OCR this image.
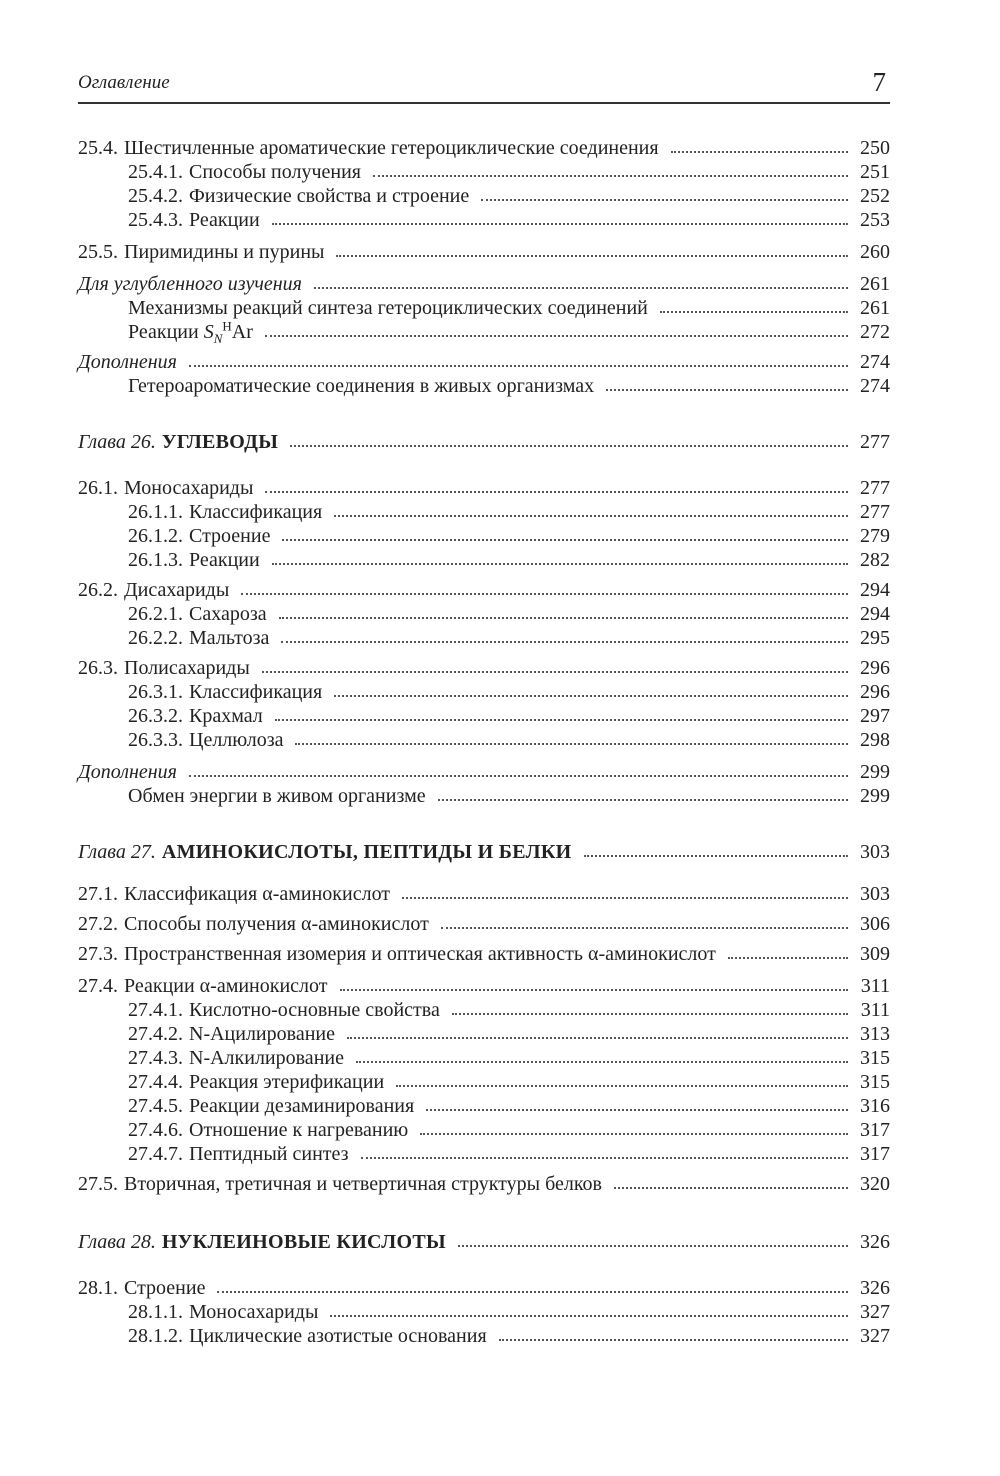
Оглавление	7
25.4. Шестичленные ароматические гетероциклические соединения	250
25.4.1. Способы получения	251
25.4.2. Физические свойства и строение	252
25.4.3. Реакции	253
25.5. Пиримидины и пурины	260
Для углубленного изучения	261
Механизмы реакций синтеза гетероциклических соединений	261
Реакции $S_N^HAr$	272
Дополнения	274
Гетероароматические соединения в живых организмах	274
Глава 26. УГЛЕВОДЫ	277
26.1. Моносахариды	277
26.1.1. Классификация	277
26.1.2. Строение	279
26.1.3. Реакции	282
26.2. Дисахариды	294
26.2.1. Сахароза	294
26.2.2. Мальтоза	295
26.3. Полисахариды	296
26.3.1. Классификация	296
26.3.2. Крахмал	297
26.3.3. Целлюлоза	298
Дополнения	299
Обмен энергии в живом организме	299
Глава 27. АМИНОКИСЛОТЫ, ПЕПТИДЫ И БЕЛКИ	303
27.1. Классификация α-аминокислот	303
27.2. Способы получения α-аминокислот	306
27.3. Пространственная изомерия и оптическая активность α-аминокислот	309
27.4. Реакции α-аминокислот	311
27.4.1. Кислотно-основные свойства	311
27.4.2. N-Ацилирование	313
27.4.3. N-Алкилирование	315
27.4.4. Реакция этерификации	315
27.4.5. Реакции дезаминирования	316
27.4.6. Отношение к нагреванию	317
27.4.7. Пептидный синтез	317
27.5. Вторичная, третичная и четвертичная структуры белков	320
Глава 28. НУКЛЕИНОВЫЕ КИСЛОТЫ	326
28.1. Строение	326
28.1.1. Моносахариды	327
28.1.2. Циклические азотистые основания	327
